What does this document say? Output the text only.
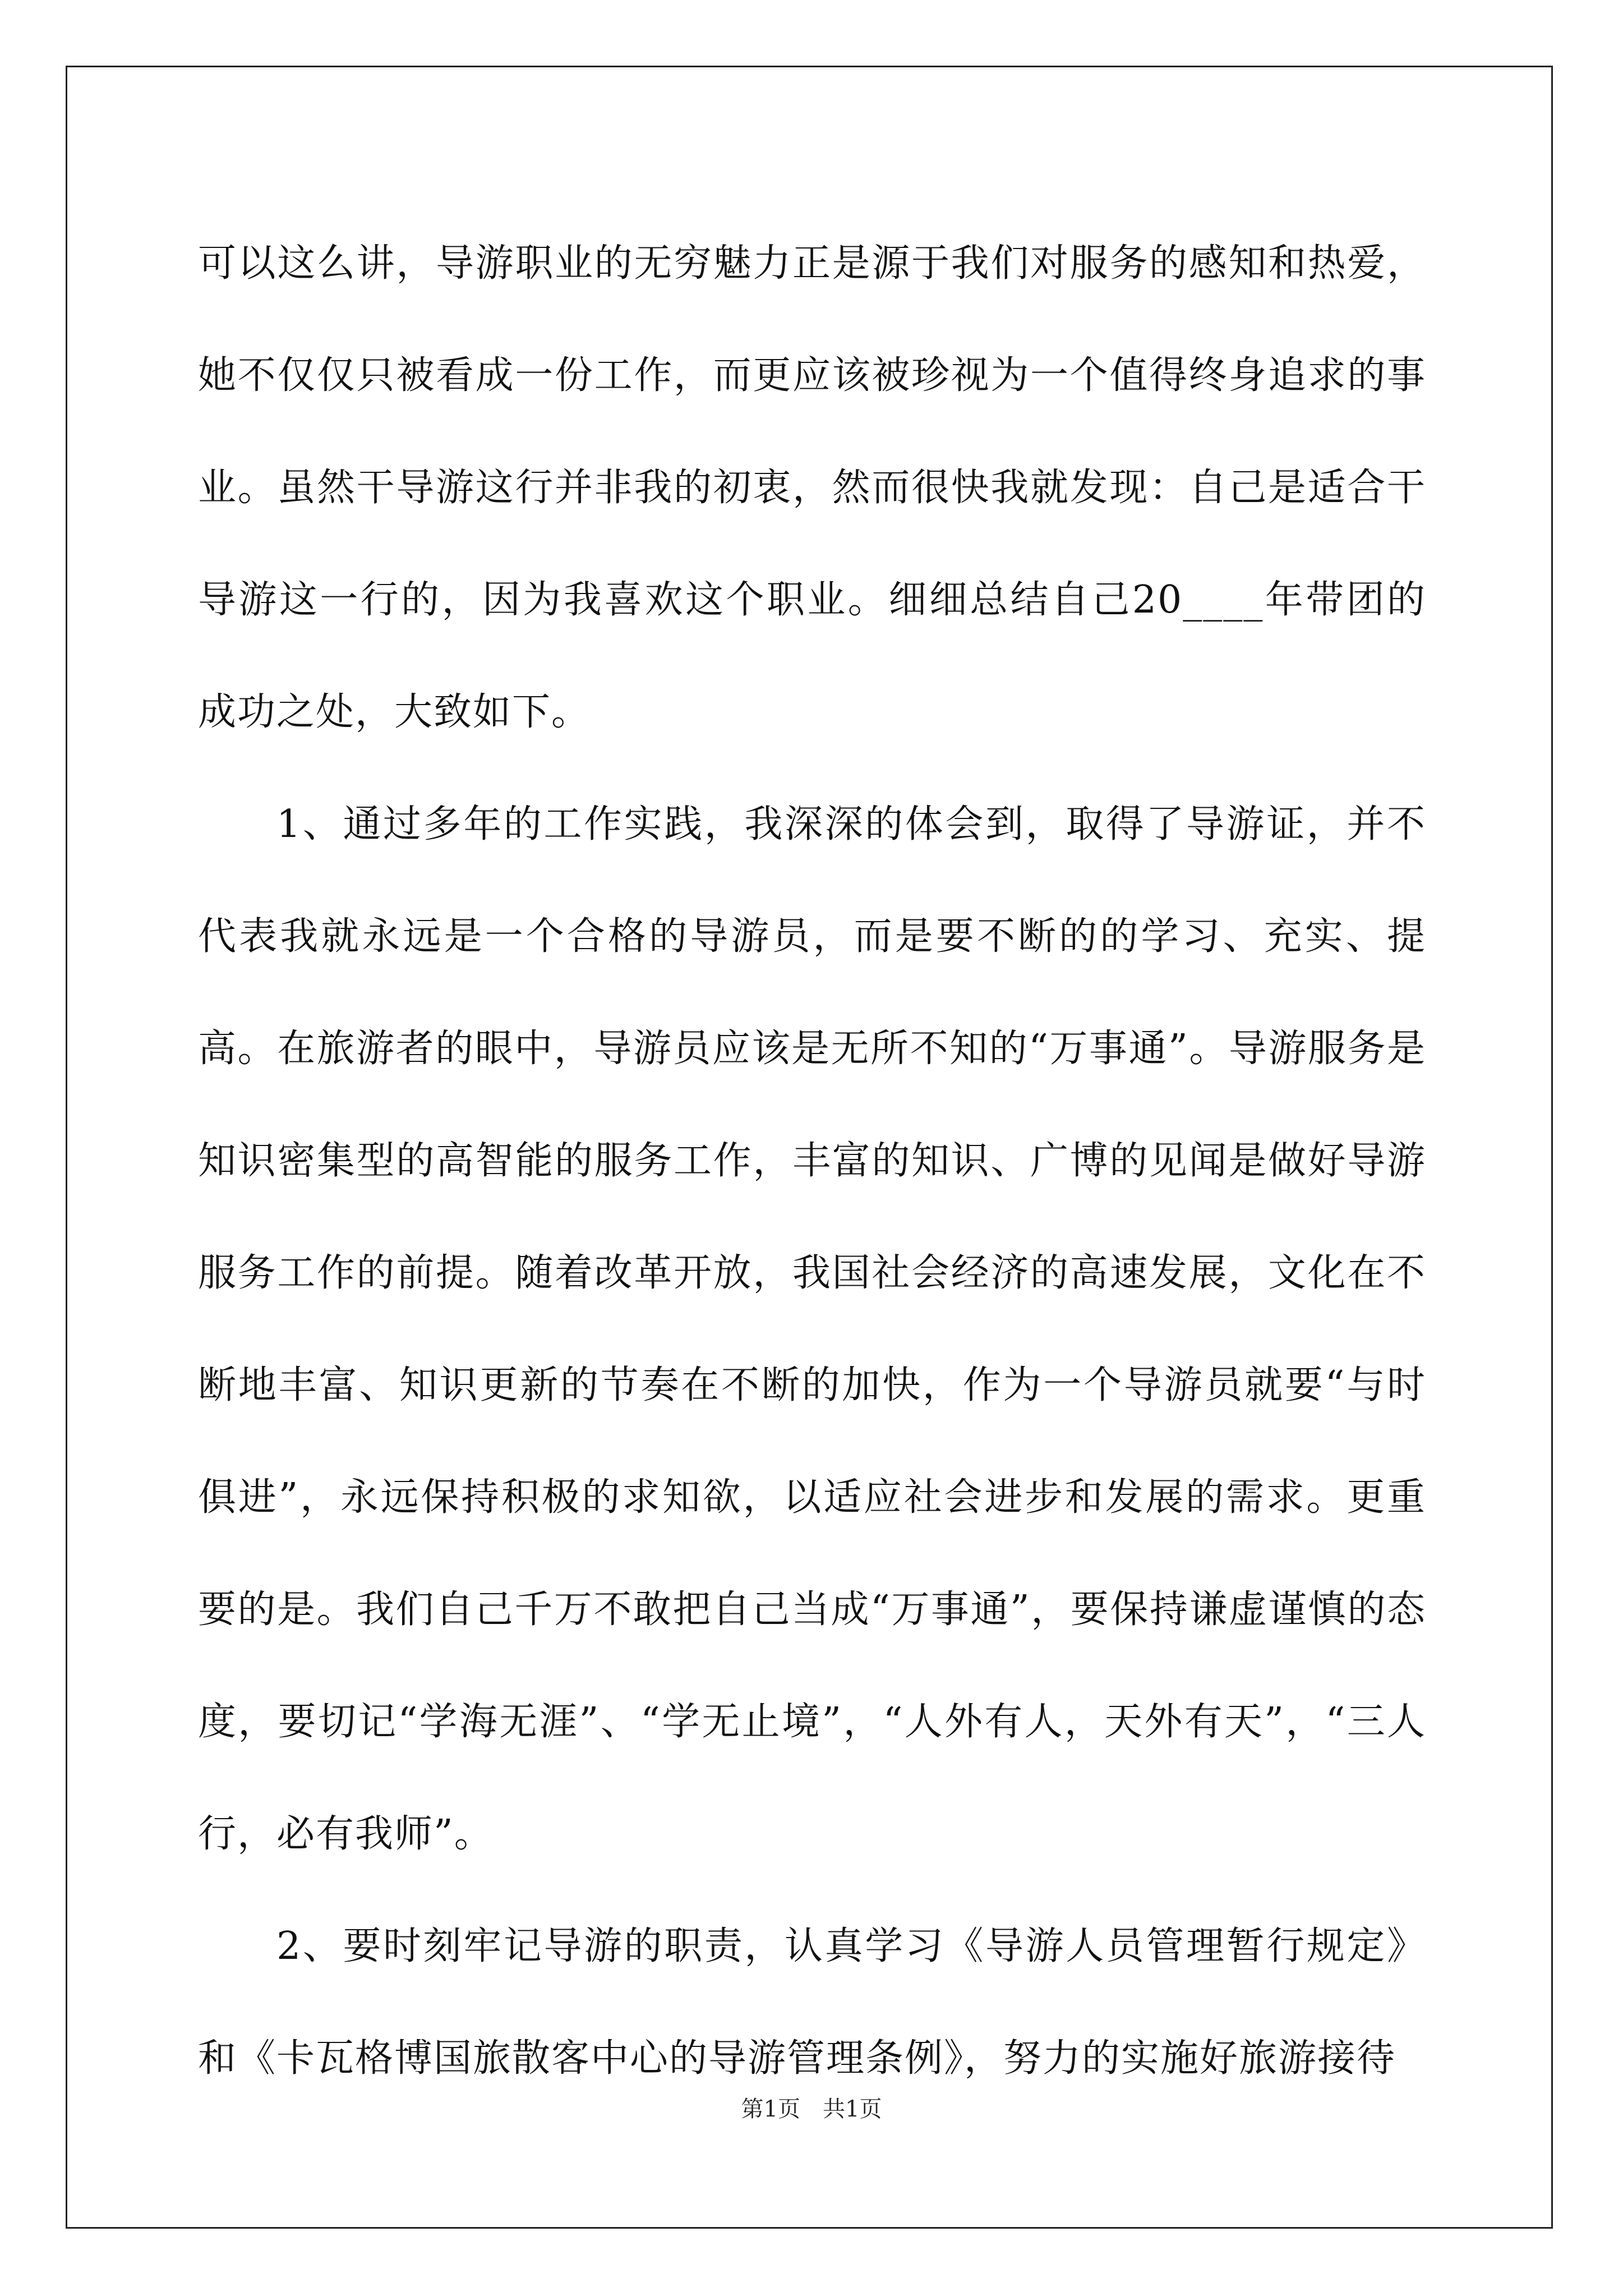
可以这么讲，导游职业的无穷魅力正是源于我们对服务的感知和热爱，她不仅仅只被看成一份工作，而更应该被珍视为一个值得终身追求的事业。虽然干导游这行并非我的初衷，然而很快我就发现：自己是适合干导游这一行的，因为我喜欢这个职业。细细总结自己20____年带团的成功之处，大致如下。

1、通过多年的工作实践，我深深的体会到，取得了导游证，并不代表我就永远是一个合格的导游员，而是要不断的的学习、充实、提高。在旅游者的眼中，导游员应该是无所不知的“万事通”。导游服务是知识密集型的高智能的服务工作，丰富的知识、广博的见闻是做好导游服务工作的前提。随着改革开放，我国社会经济的高速发展，文化在不断地丰富、知识更新的节奏在不断的加快，作为一个导游员就要“与时俱进”，永远保持积极的求知欲，以适应社会进步和发展的需求。更重要的是。我们自己千万不敢把自己当成“万事通”，要保持谦虚谨慎的态度，要切记“学海无涯”、“学无止境”，“人外有人，天外有天”，“三人行，必有我师”。

2、要时刻牢记导游的职责，认真学习《导游人员管理暂行规定》和《卡瓦格博国旅散客中心的导游管理条例》，努力的实施好旅游接待

第1页　共1页
